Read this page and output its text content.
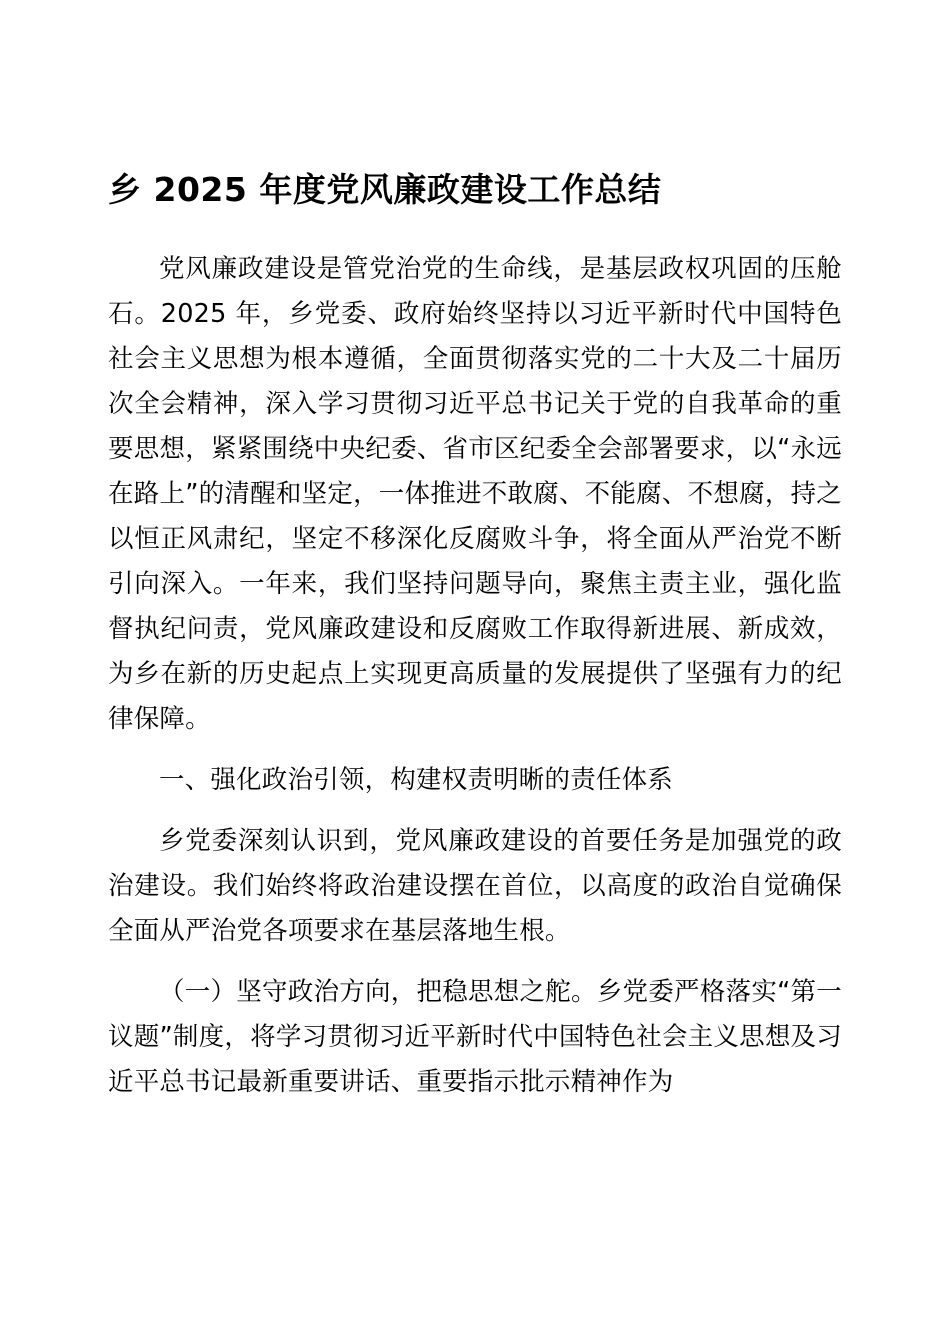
乡 2025 年度党风廉政建设工作总结

党风廉政建设是管党治党的生命线，是基层政权巩固的压舱石。2025 年，乡党委、政府始终坚持以习近平新时代中国特色社会主义思想为根本遵循，全面贯彻落实党的二十大及二十届历次全会精神，深入学习贯彻习近平总书记关于党的自我革命的重要思想，紧紧围绕中央纪委、省市区纪委全会部署要求，以“永远在路上”的清醒和坚定，一体推进不敢腐、不能腐、不想腐，持之以恒正风肃纪，坚定不移深化反腐败斗争，将全面从严治党不断引向深入。一年来，我们坚持问题导向，聚焦主责主业，强化监督执纪问责，党风廉政建设和反腐败工作取得新进展、新成效，为乡在新的历史起点上实现更高质量的发展提供了坚强有力的纪律保障。

一、强化政治引领，构建权责明晰的责任体系

乡党委深刻认识到，党风廉政建设的首要任务是加强党的政治建设。我们始终将政治建设摆在首位，以高度的政治自觉确保全面从严治党各项要求在基层落地生根。

（一）坚守政治方向，把稳思想之舵。乡党委严格落实“第一议题”制度，将学习贯彻习近平新时代中国特色社会主义思想及习近平总书记最新重要讲话、重要指示批示精神作为
